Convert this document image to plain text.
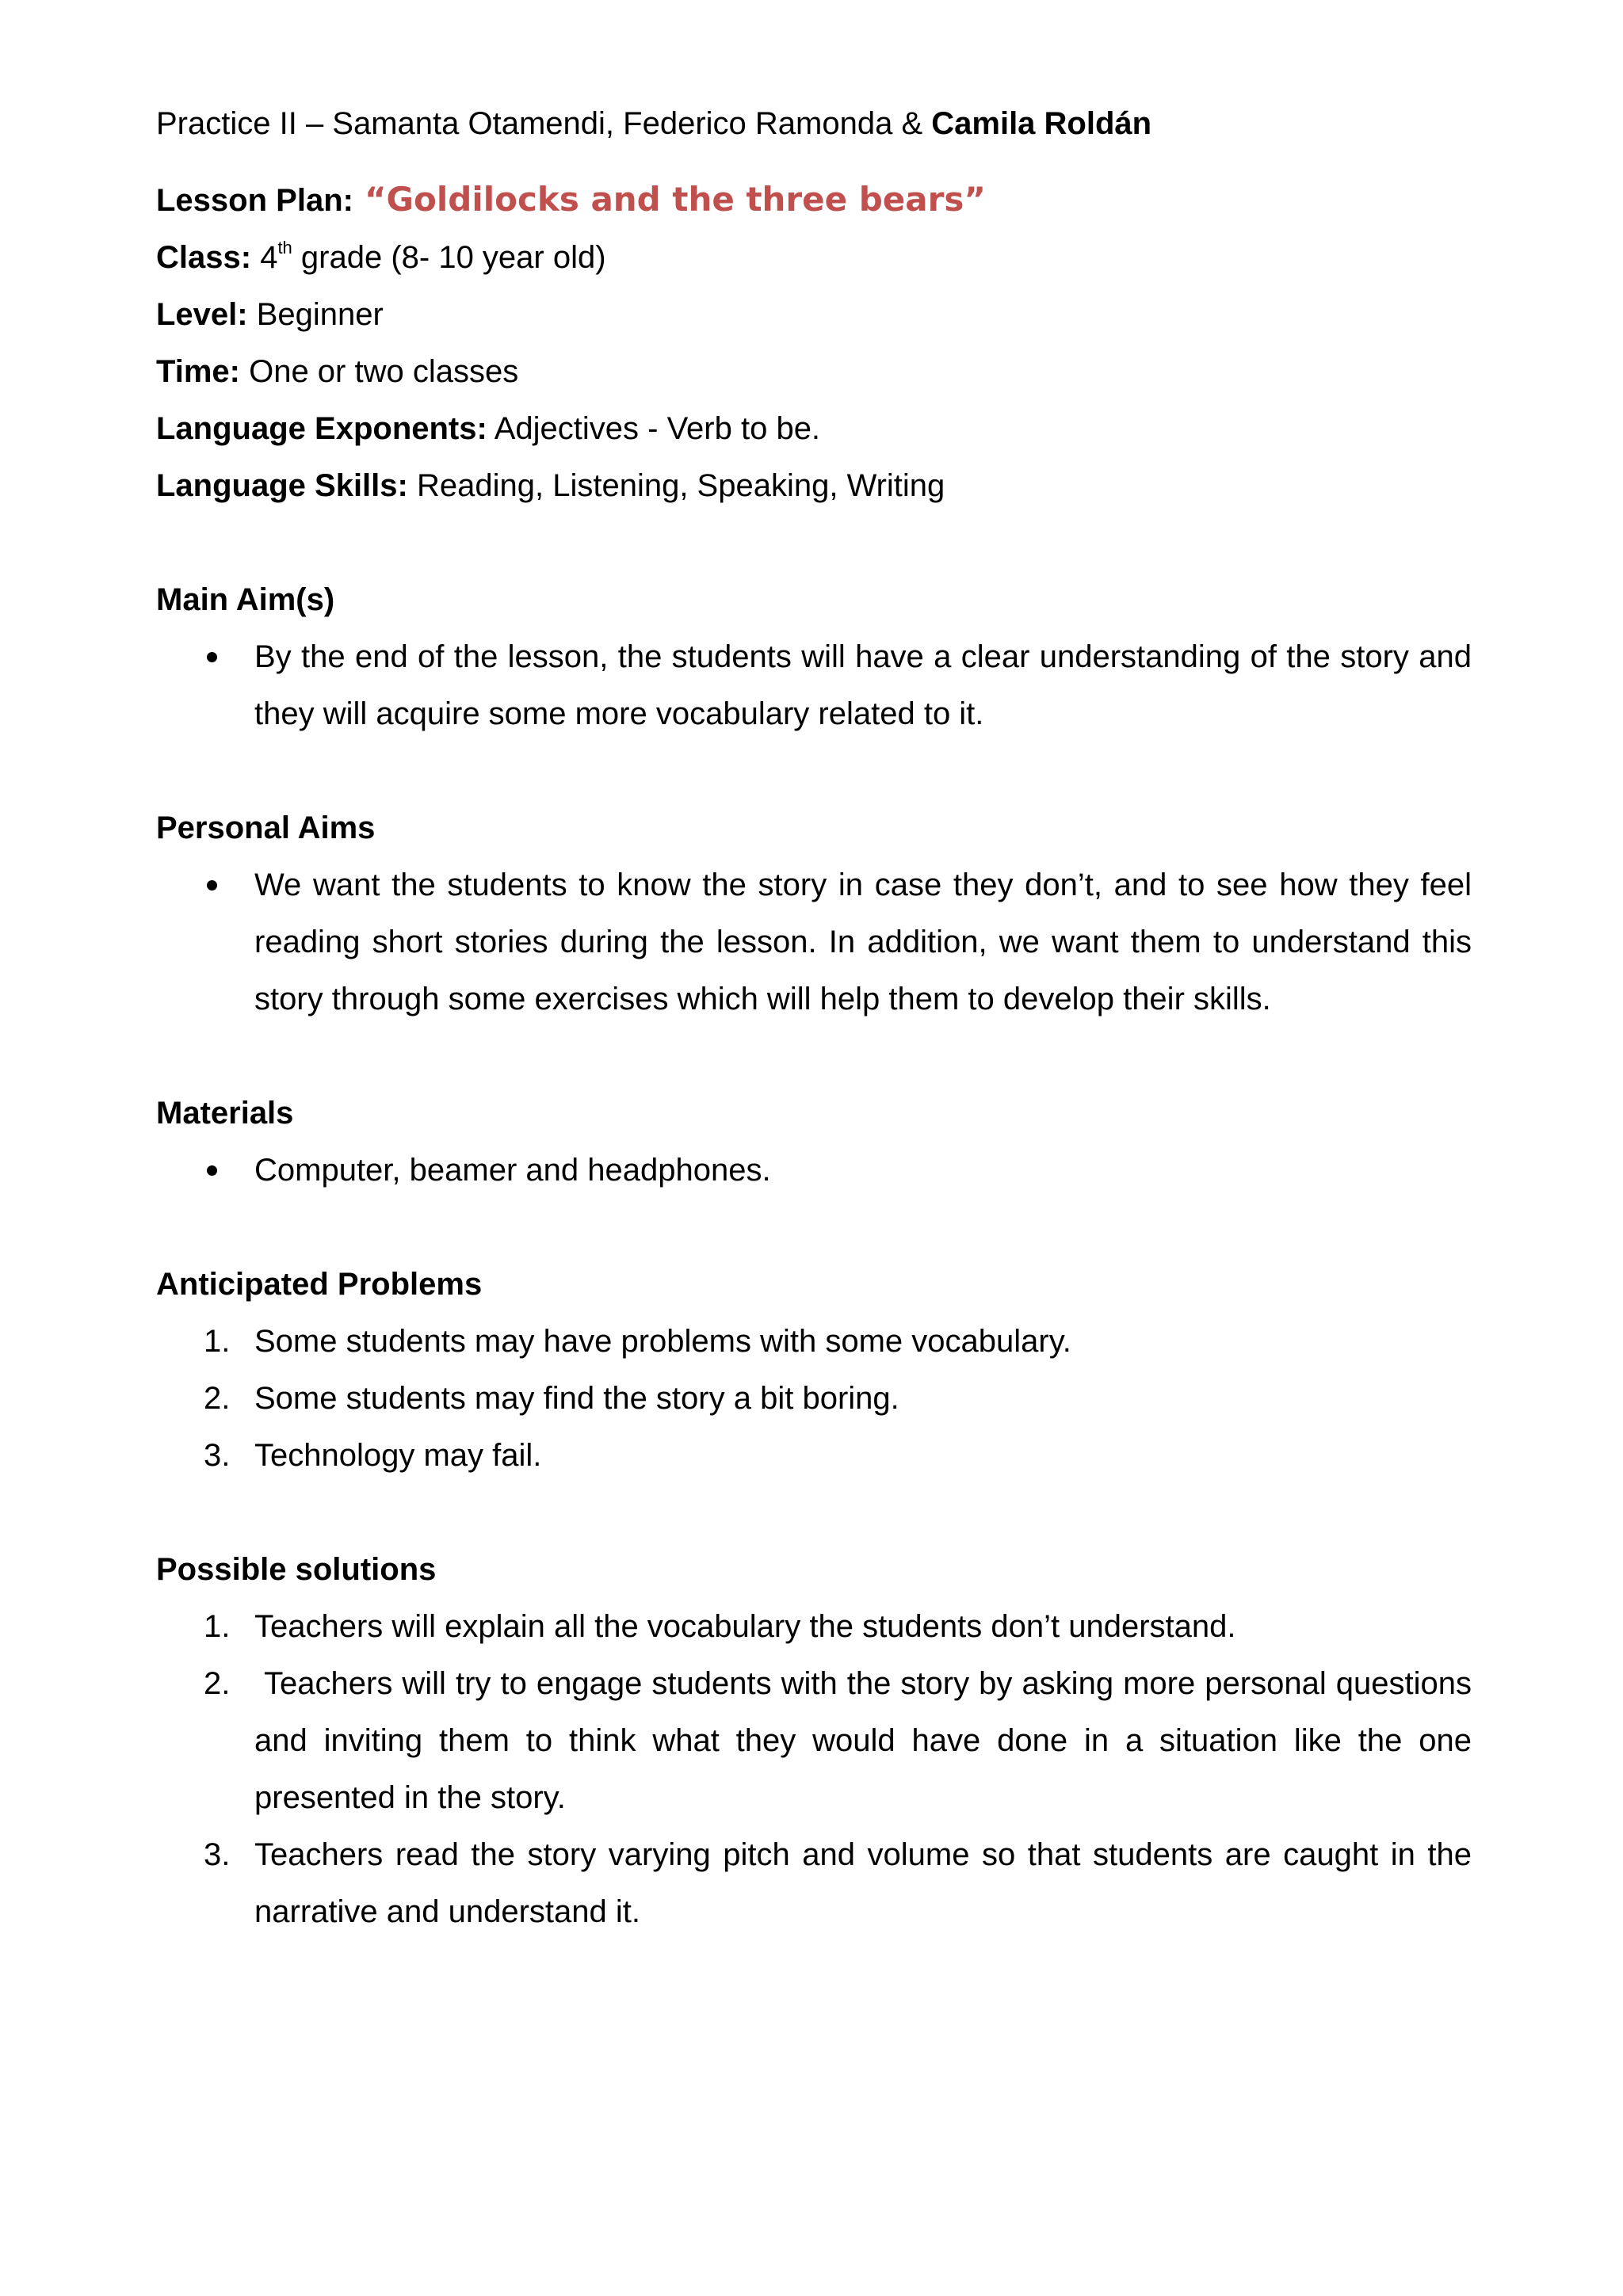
Practice II – Samanta Otamendi, Federico Ramonda & Camila Roldán

Lesson Plan: “Goldilocks and the three bears”

Class: 4th grade (8- 10 year old)

Level: Beginner

Time: One or two classes

Language Exponents: Adjectives - Verb to be.

Language Skills: Reading, Listening, Speaking, Writing

Main Aim(s)
By the end of the lesson, the students will have a clear understanding of the story and they will acquire some more vocabulary related to it.
Personal Aims
We want the students to know the story in case they don’t, and to see how they feel reading short stories during the lesson. In addition, we want them to understand this story through some exercises which will help them to develop their skills.
Materials
Computer, beamer and headphones.
Anticipated Problems
1. Some students may have problems with some vocabulary.
2. Some students may find the story a bit boring.
3. Technology may fail.
Possible solutions
1. Teachers will explain all the vocabulary the students don’t understand.
2. Teachers will try to engage students with the story by asking more personal questions and inviting them to think what they would have done in a situation like the one presented in the story.
3. Teachers read the story varying pitch and volume so that students are caught in the narrative and understand it.
